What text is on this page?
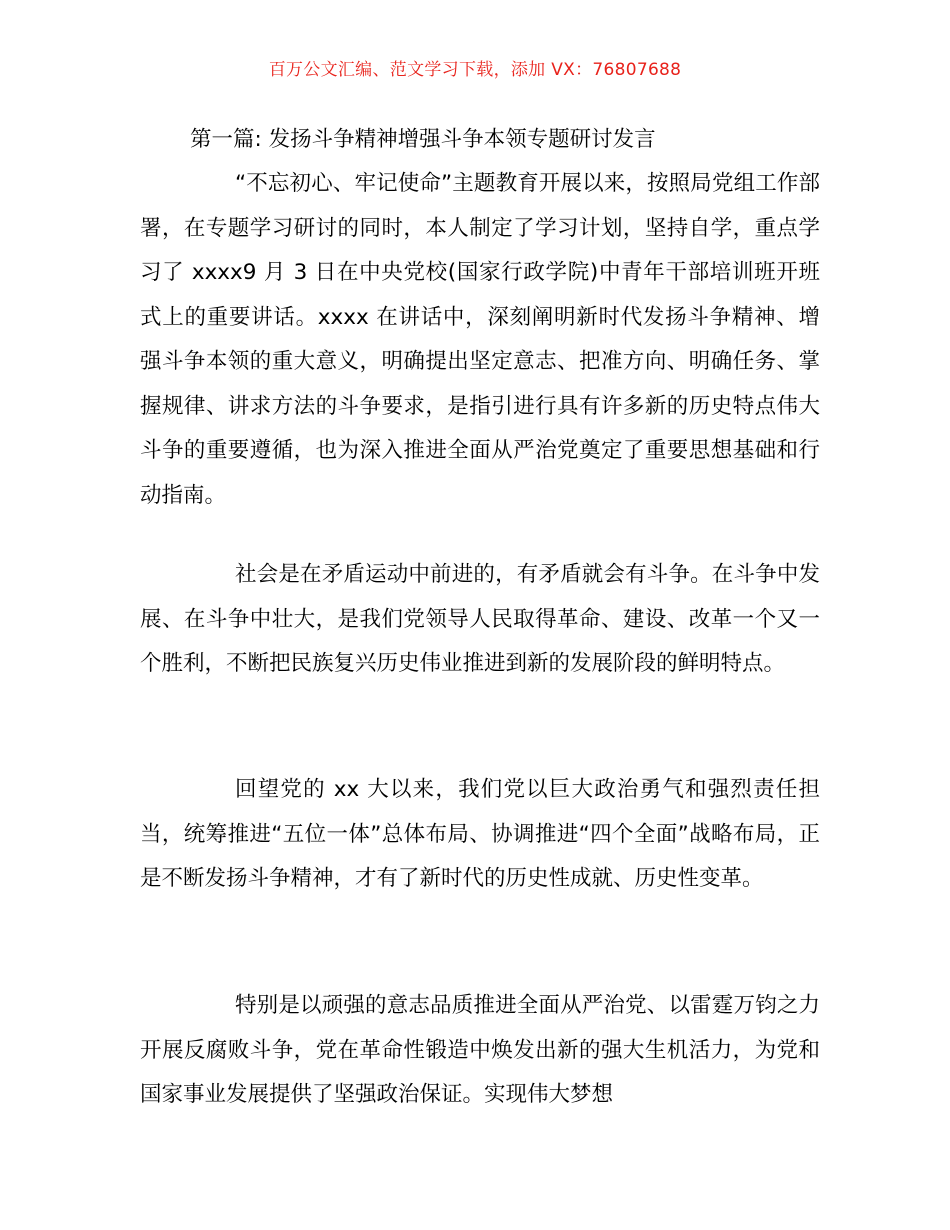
百万公文汇编、范文学习下载，添加 VX：76807688
第一篇: 发扬斗争精神增强斗争本领专题研讨发言

“不忘初心、牢记使命”主题教育开展以来，按照局党组工作部署，在专题学习研讨的同时，本人制定了学习计划，坚持自学，重点学习了 xxxx9 月 3 日在中央党校(国家行政学院)中青年干部培训班开班式上的重要讲话。xxxx 在讲话中，深刻阐明新时代发扬斗争精神、增强斗争本领的重大意义，明确提出坚定意志、把准方向、明确任务、掌握规律、讲求方法的斗争要求，是指引进行具有许多新的历史特点伟大斗争的重要遵循，也为深入推进全面从严治党奠定了重要思想基础和行动指南。

社会是在矛盾运动中前进的，有矛盾就会有斗争。在斗争中发展、在斗争中壮大，是我们党领导人民取得革命、建设、改革一个又一个胜利，不断把民族复兴历史伟业推进到新的发展阶段的鲜明特点。

回望党的 xx 大以来，我们党以巨大政治勇气和强烈责任担当，统筹推进“五位一体”总体布局、协调推进“四个全面”战略布局，正是不断发扬斗争精神，才有了新时代的历史性成就、历史性变革。

特别是以顽强的意志品质推进全面从严治党、以雷霆万钧之力开展反腐败斗争，党在革命性锻造中焕发出新的强大生机活力，为党和国家事业发展提供了坚强政治保证。实现伟大梦想
